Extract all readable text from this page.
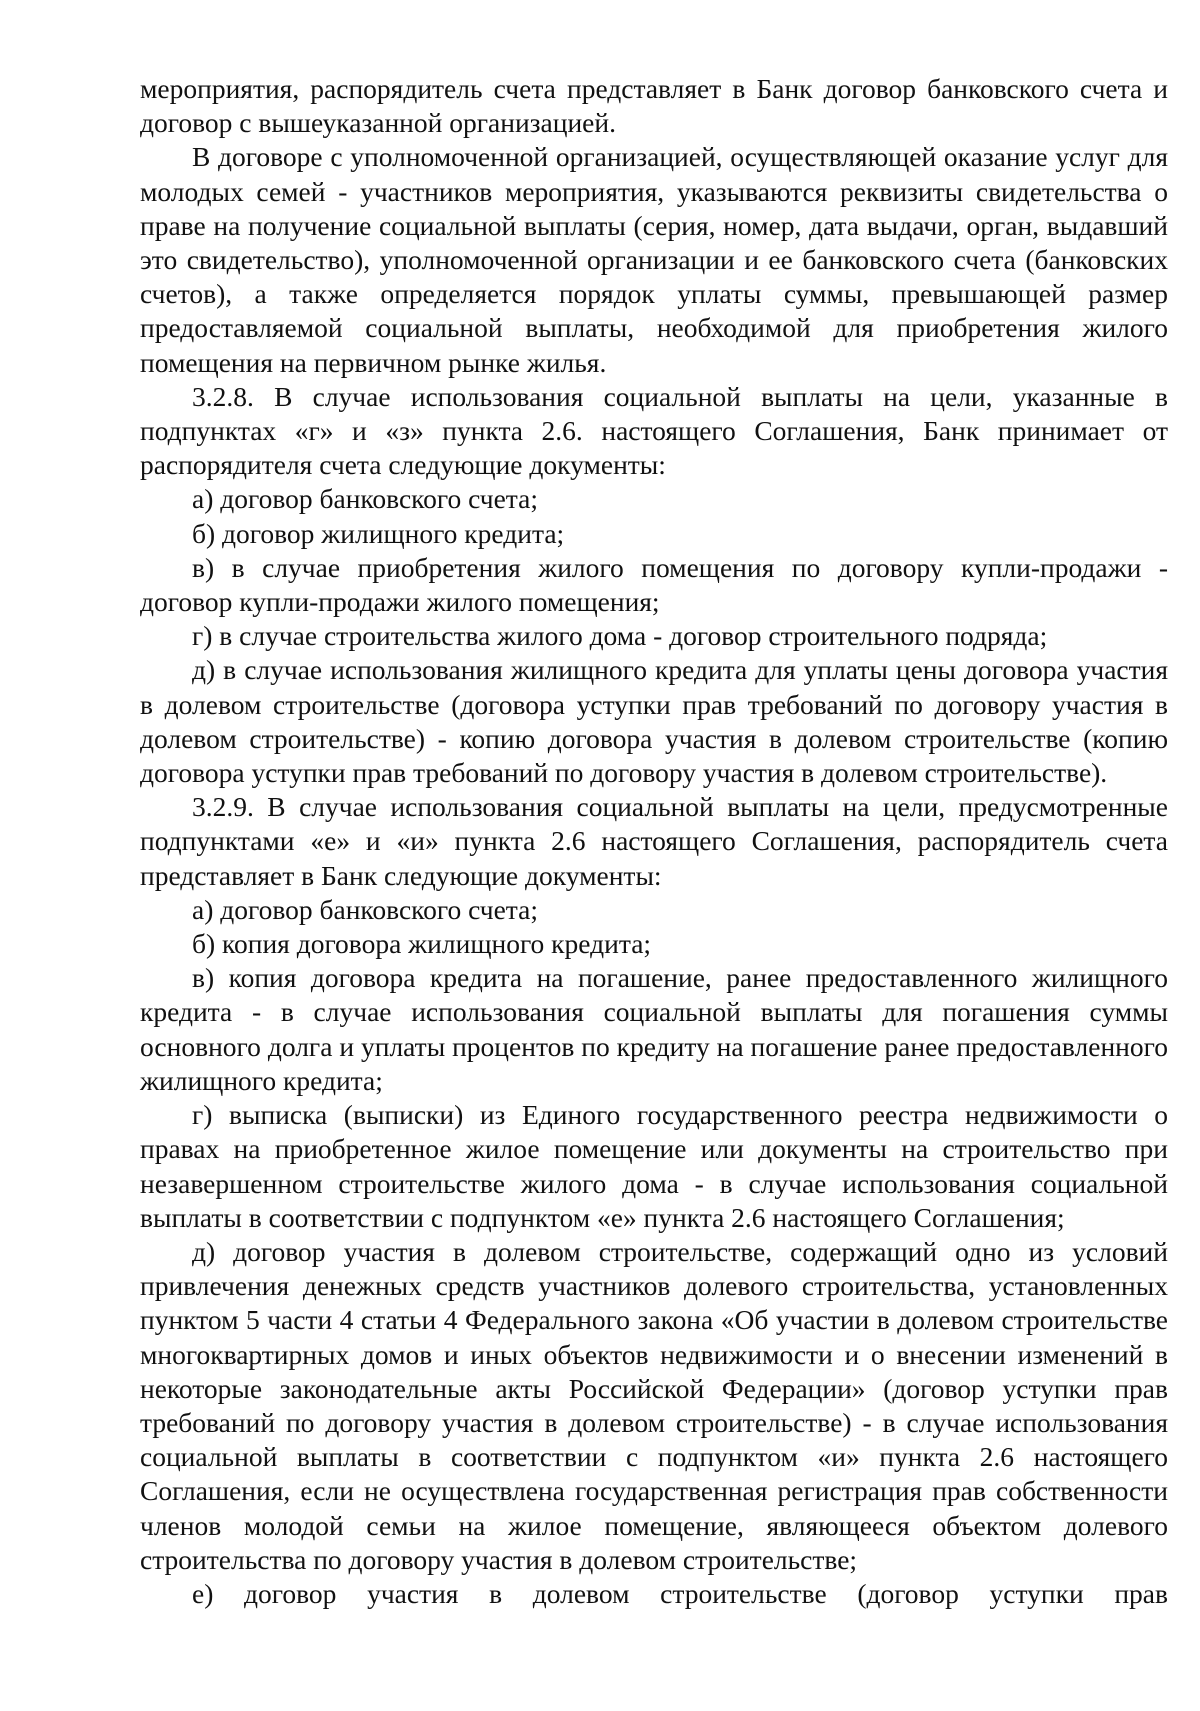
мероприятия, распорядитель счета представляет в Банк договор банковского счета и договор с вышеуказанной организацией.

В договоре с уполномоченной организацией, осуществляющей оказание услуг для молодых семей - участников мероприятия, указываются реквизиты свидетельства о праве на получение социальной выплаты (серия, номер, дата выдачи, орган, выдавший это свидетельство), уполномоченной организации и ее банковского счета (банковских счетов), а также определяется порядок уплаты суммы, превышающей размер предоставляемой социальной выплаты, необходимой для приобретения жилого помещения на первичном рынке жилья.

3.2.8. В случае использования социальной выплаты на цели, указанные в подпунктах «г» и «з» пункта 2.6. настоящего Соглашения, Банк принимает от распорядителя счета следующие документы:

а) договор банковского счета;

б) договор жилищного кредита;

в) в случае приобретения жилого помещения по договору купли-продажи - договор купли-продажи жилого помещения;

г) в случае строительства жилого дома - договор строительного подряда;

д) в случае использования жилищного кредита для уплаты цены договора участия в долевом строительстве (договора уступки прав требований по договору участия в долевом строительстве) - копию договора участия в долевом строительстве (копию договора уступки прав требований по договору участия в долевом строительстве).

3.2.9. В случае использования социальной выплаты на цели, предусмотренные подпунктами «е» и «и» пункта 2.6 настоящего Соглашения, распорядитель счета представляет в Банк следующие документы:

а) договор банковского счета;

б) копия договора жилищного кредита;

в) копия договора кредита на погашение, ранее предоставленного жилищного кредита - в случае использования социальной выплаты для погашения суммы основного долга и уплаты процентов по кредиту на погашение ранее предоставленного жилищного кредита;

г) выписка (выписки) из Единого государственного реестра недвижимости о правах на приобретенное жилое помещение или документы на строительство при незавершенном строительстве жилого дома - в случае использования социальной выплаты в соответствии с подпунктом «е» пункта 2.6 настоящего Соглашения;

д) договор участия в долевом строительстве, содержащий одно из условий привлечения денежных средств участников долевого строительства, установленных пунктом 5 части 4 статьи 4 Федерального закона «Об участии в долевом строительстве многоквартирных домов и иных объектов недвижимости и о внесении изменений в некоторые законодательные акты Российской Федерации» (договор уступки прав требований по договору участия в долевом строительстве) - в случае использования социальной выплаты в соответствии с подпунктом «и» пункта 2.6 настоящего Соглашения, если не осуществлена государственная регистрация прав собственности членов молодой семьи на жилое помещение, являющееся объектом долевого строительства по договору участия в долевом строительстве;

е) договор участия в долевом строительстве (договор уступки прав
